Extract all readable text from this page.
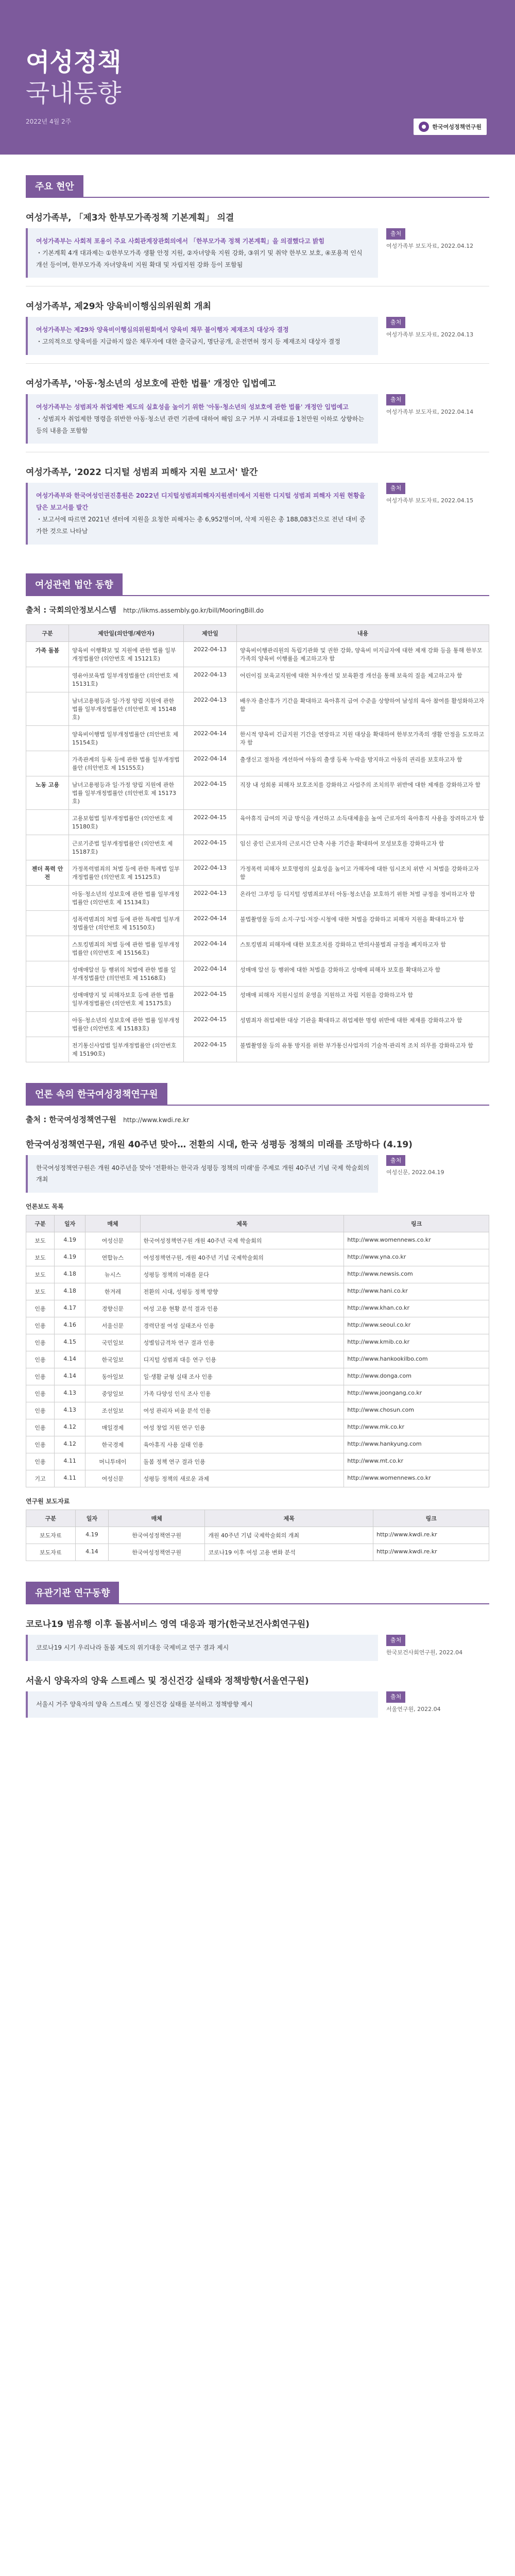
여성정책
국내동향
2022년 4월 2주
한국여성정책연구원
주요 현안
여성가족부, 「제3차 한부모가족정책 기본계획」 의결
여성가족부는 사회적 포용이 주요 사회관계장관회의에서 「한부모가족 정책 기본계획」을 의결했다고 밝힘
・기본계획 4개 대과제는 ①한부모가족 생활 안정 지원, ②자녀양육 지원 강화, ③위기 및 취약 한부모 보호, ④포용적 인식 개선 등이며, 한부모가족 자녀양육비 지원 확대 및 자립지원 강화 등이 포함됨
출처
여성가족부 보도자료, 2022.04.12
여성가족부, 제29차 양육비이행심의위원회 개최
여성가족부는 제29차 양육비이행심의위원회에서 양육비 채무 불이행자 제재조치 대상자 결정
・고의적으로 양육비를 지급하지 않은 채무자에 대한 출국금지, 명단공개, 운전면허 정지 등 제재조치 대상자 결정
출처
여성가족부 보도자료, 2022.04.13
여성가족부, '아동·청소년의 성보호에 관한 법률' 개정안 입법예고
여성가족부는 성범죄자 취업제한 제도의 실효성을 높이기 위한 '아동·청소년의 성보호에 관한 법률' 개정안 입법예고
・성범죄자 취업제한 명령을 위반한 아동·청소년 관련 기관에 대하여 해임 요구 거부 시 과태료를 1천만원 이하로 상향하는 등의 내용을 포함함
출처
여성가족부 보도자료, 2022.04.14
여성가족부, '2022 디지털 성범죄 피해자 지원 보고서' 발간
여성가족부와 한국여성인권진흥원은 2022년 디지털성범죄피해자지원센터에서 지원한 디지털 성범죄 피해자 지원 현황을 담은 보고서를 발간
・보고서에 따르면 2021년 센터에 지원을 요청한 피해자는 총 6,952명이며, 삭제 지원은 총 188,083건으로 전년 대비 증가한 것으로 나타남
출처
여성가족부 보도자료, 2022.04.15
여성관련 법안 동향
출처 : 국회의안정보시스템 http://likms.assembly.go.kr/bill/MooringBill.do
구분	제안일(의안명/제안자)	제안일	내용
가족 돌봄	양육비 이행확보 및 지원에 관한 법률 일부개정법률안 (의안번호 제 15121호)	2022-04-13	양육비이행관리원의 독립기관화 및 권한 강화, 양육비 미지급자에 대한 제재 강화 등을 통해 한부모가족의 양육비 이행률을 제고하고자 함
	영유아보육법 일부개정법률안 (의안번호 제 15131호)	2022-04-13	어린이집 보육교직원에 대한 처우개선 및 보육환경 개선을 통해 보육의 질을 제고하고자 함
	남녀고용평등과 일·가정 양립 지원에 관한 법률 일부개정법률안 (의안번호 제 15148호)	2022-04-13	배우자 출산휴가 기간을 확대하고 육아휴직 급여 수준을 상향하여 남성의 육아 참여를 활성화하고자 함
	양육비이행법 일부개정법률안 (의안번호 제 15154호)	2022-04-14	한시적 양육비 긴급지원 기간을 연장하고 지원 대상을 확대하여 한부모가족의 생활 안정을 도모하고자 함
	가족관계의 등록 등에 관한 법률 일부개정법률안 (의안번호 제 15155호)	2022-04-14	출생신고 절차를 개선하여 아동의 출생 등록 누락을 방지하고 아동의 권리를 보호하고자 함
노동 고용	남녀고용평등과 일·가정 양립 지원에 관한 법률 일부개정법률안 (의안번호 제 15173호)	2022-04-15	직장 내 성희롱 피해자 보호조치를 강화하고 사업주의 조치의무 위반에 대한 제재를 강화하고자 함
	고용보험법 일부개정법률안 (의안번호 제 15180호)	2022-04-15	육아휴직 급여의 지급 방식을 개선하고 소득대체율을 높여 근로자의 육아휴직 사용을 장려하고자 함
	근로기준법 일부개정법률안 (의안번호 제 15187호)	2022-04-15	임신 중인 근로자의 근로시간 단축 사용 기간을 확대하여 모성보호를 강화하고자 함
젠더 폭력 안전	가정폭력범죄의 처벌 등에 관한 특례법 일부개정법률안 (의안번호 제 15125호)	2022-04-13	가정폭력 피해자 보호명령의 실효성을 높이고 가해자에 대한 임시조치 위반 시 처벌을 강화하고자 함
	아동·청소년의 성보호에 관한 법률 일부개정법률안 (의안번호 제 15134호)	2022-04-13	온라인 그루밍 등 디지털 성범죄로부터 아동·청소년을 보호하기 위한 처벌 규정을 정비하고자 함
	성폭력범죄의 처벌 등에 관한 특례법 일부개정법률안 (의안번호 제 15150호)	2022-04-14	불법촬영물 등의 소지·구입·저장·시청에 대한 처벌을 강화하고 피해자 지원을 확대하고자 함
	스토킹범죄의 처벌 등에 관한 법률 일부개정법률안 (의안번호 제 15156호)	2022-04-14	스토킹범죄 피해자에 대한 보호조치를 강화하고 반의사불벌죄 규정을 폐지하고자 함
	성매매알선 등 행위의 처벌에 관한 법률 일부개정법률안 (의안번호 제 15168호)	2022-04-14	성매매 알선 등 행위에 대한 처벌을 강화하고 성매매 피해자 보호를 확대하고자 함
	성매매방지 및 피해자보호 등에 관한 법률 일부개정법률안 (의안번호 제 15175호)	2022-04-15	성매매 피해자 지원시설의 운영을 지원하고 자립 지원을 강화하고자 함
	아동·청소년의 성보호에 관한 법률 일부개정법률안 (의안번호 제 15183호)	2022-04-15	성범죄자 취업제한 대상 기관을 확대하고 취업제한 명령 위반에 대한 제재를 강화하고자 함
	전기통신사업법 일부개정법률안 (의안번호 제 15190호)	2022-04-15	불법촬영물 등의 유통 방지를 위한 부가통신사업자의 기술적·관리적 조치 의무를 강화하고자 함
언론 속의 한국여성정책연구원
출처 : 한국여성정책연구원 http://www.kwdi.re.kr
한국여성정책연구원, 개원 40주년 맞아… 전환의 시대, 한국 성평등 정책의 미래를 조망하다 (4.19)
한국여성정책연구원은 개원 40주년을 맞아 '전환하는 한국과 성평등 정책의 미래'를 주제로 개원 40주년 기념 국제 학술회의 개최
출처
여성신문, 2022.04.19
언론보도 목록
구분	일자	매체	제목	링크
보도	4.19	여성신문	한국여성정책연구원 개원 40주년 국제 학술회의	http://www.womennews.co.kr
보도	4.19	연합뉴스	여성정책연구원, 개원 40주년 기념 국제학술회의	http://www.yna.co.kr
보도	4.18	뉴시스	성평등 정책의 미래를 묻다	http://www.newsis.com
보도	4.18	한겨레	전환의 시대, 성평등 정책 방향	http://www.hani.co.kr
인용	4.17	경향신문	여성 고용 현황 분석 결과 인용	http://www.khan.co.kr
인용	4.16	서울신문	경력단절 여성 실태조사 인용	http://www.seoul.co.kr
인용	4.15	국민일보	성별임금격차 연구 결과 인용	http://www.kmib.co.kr
인용	4.14	한국일보	디지털 성범죄 대응 연구 인용	http://www.hankookilbo.com
인용	4.14	동아일보	일·생활 균형 실태 조사 인용	http://www.donga.com
인용	4.13	중앙일보	가족 다양성 인식 조사 인용	http://www.joongang.co.kr
인용	4.13	조선일보	여성 관리자 비율 분석 인용	http://www.chosun.com
인용	4.12	매일경제	여성 창업 지원 연구 인용	http://www.mk.co.kr
인용	4.12	한국경제	육아휴직 사용 실태 인용	http://www.hankyung.com
인용	4.11	머니투데이	돌봄 정책 연구 결과 인용	http://www.mt.co.kr
기고	4.11	여성신문	성평등 정책의 새로운 과제	http://www.womennews.co.kr
연구원 보도자료
구분	일자	매체	제목	링크
보도자료	4.19	한국여성정책연구원	개원 40주년 기념 국제학술회의 개최	http://www.kwdi.re.kr
보도자료	4.14	한국여성정책연구원	코로나19 이후 여성 고용 변화 분석	http://www.kwdi.re.kr
유관기관 연구동향
코로나19 범유행 이후 돌봄서비스 영역 대응과 평가(한국보건사회연구원)
코로나19 시기 우리나라 돌봄 제도의 위기대응 국제비교 연구 결과 제시
출처
한국보건사회연구원, 2022.04
서울시 양육자의 양육 스트레스 및 정신건강 실태와 정책방향(서울연구원)
서울시 거주 양육자의 양육 스트레스 및 정신건강 실태를 분석하고 정책방향 제시
출처
서울연구원, 2022.04
